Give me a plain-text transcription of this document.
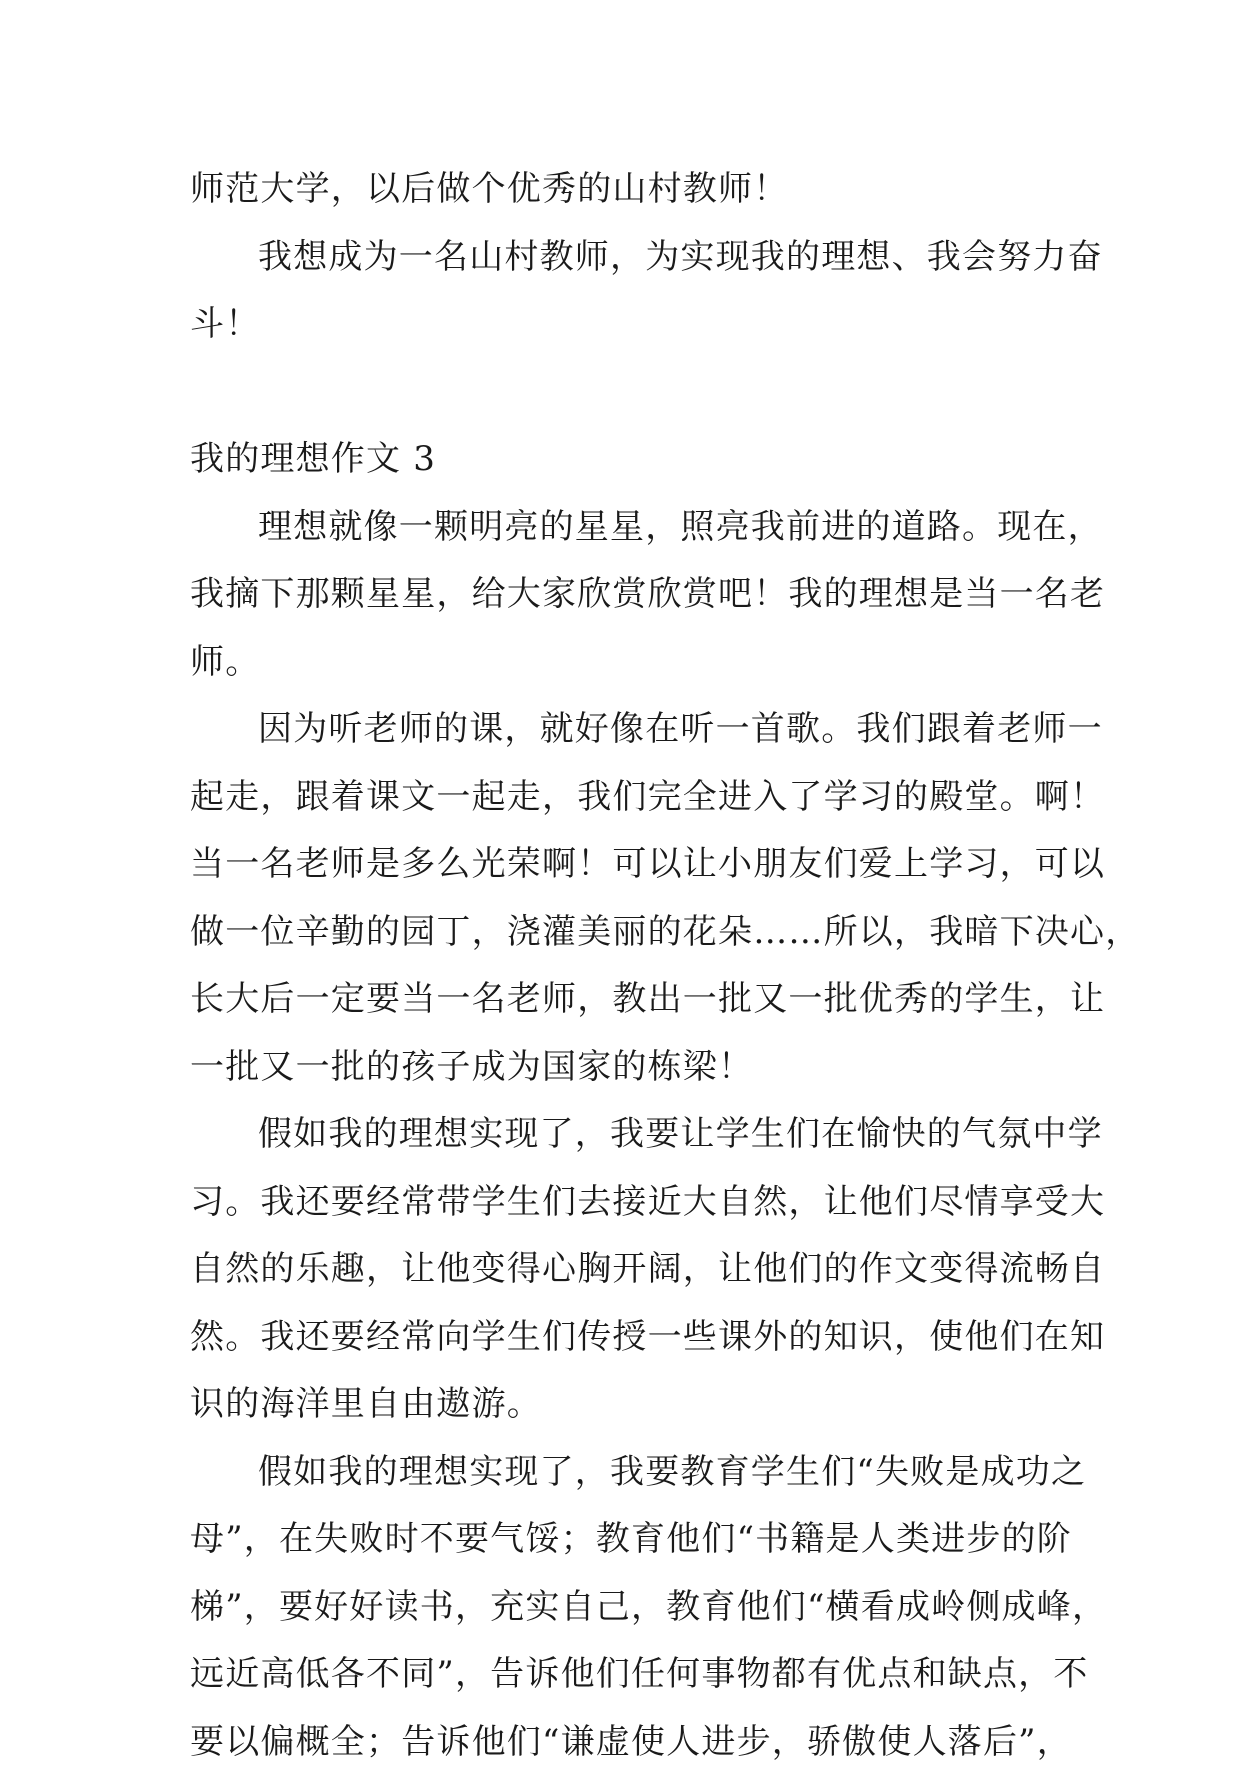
师范大学，以后做个优秀的山村教师！
我想成为一名山村教师，为实现我的理想、我会努力奋
斗！
我的理想作文 3
理想就像一颗明亮的星星，照亮我前进的道路。现在，
我摘下那颗星星，给大家欣赏欣赏吧！我的理想是当一名老
师。
因为听老师的课，就好像在听一首歌。我们跟着老师一
起走，跟着课文一起走，我们完全进入了学习的殿堂。啊！
当一名老师是多么光荣啊！可以让小朋友们爱上学习，可以
做一位辛勤的园丁，浇灌美丽的花朵……所以，我暗下决心，
长大后一定要当一名老师，教出一批又一批优秀的学生，让
一批又一批的孩子成为国家的栋梁！
假如我的理想实现了，我要让学生们在愉快的气氛中学
习。我还要经常带学生们去接近大自然，让他们尽情享受大
自然的乐趣，让他变得心胸开阔，让他们的作文变得流畅自
然。我还要经常向学生们传授一些课外的知识，使他们在知
识的海洋里自由遨游。
假如我的理想实现了，我要教育学生们“失败是成功之
母”，在失败时不要气馁；教育他们“书籍是人类进步的阶
梯”，要好好读书，充实自己，教育他们“横看成岭侧成峰，
远近高低各不同”，告诉他们任何事物都有优点和缺点，不
要以偏概全；告诉他们“谦虚使人进步，骄傲使人落后”，
